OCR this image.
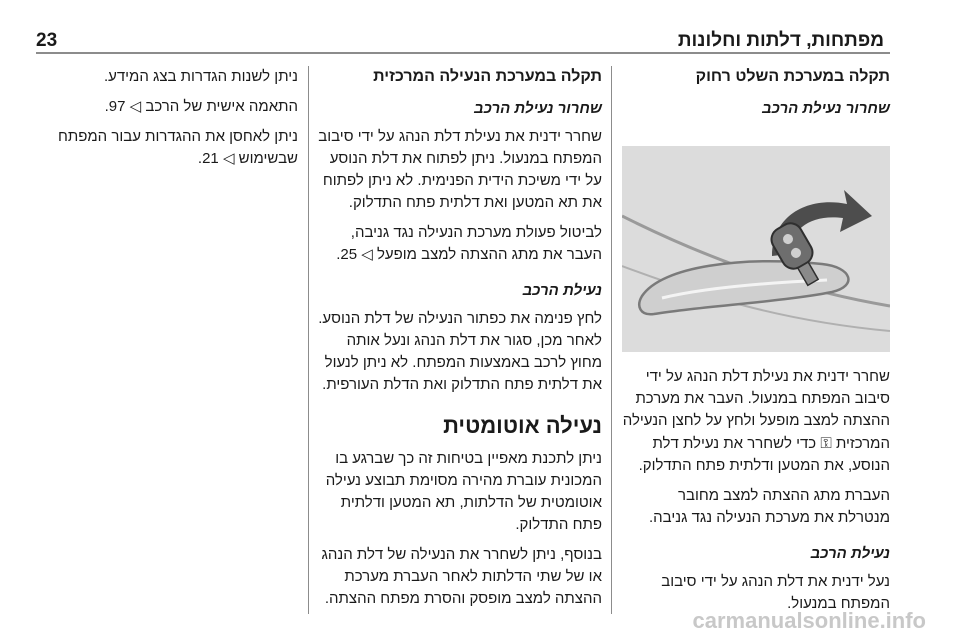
23	מפתחות, דלתות וחלונות
תקלה במערכת השלט רחוק
שחרור נעילת הרכב

שחרר ידנית את נעילת דלת הנהג על ידי סיבוב המפתח במנעול. העבר את מערכת ההצתה למצב מופעל ולחץ על לחצן הנעילה המרכזית ⚿ כדי לשחרר את נעילת דלת הנוסע, את המטען ודלתית פתח התדלוק.

העברת מתג ההצתה למצב מחובר מנטרלת את מערכת הנעילה נגד גניבה.

נעילת הרכב

נעל ידנית את דלת הנהג על ידי סיבוב המפתח במנעול.

תקלה במערכת הנעילה המרכזית
שחרור נעילת הרכב

שחרר ידנית את נעילת דלת הנהג על ידי סיבוב המפתח במנעול. ניתן לפתוח את דלת הנוסע על ידי משיכת הידית הפנימית. לא ניתן לפתוח את תא המטען ואת דלתית פתח התדלוק.

לביטול פעולת מערכת הנעילה נגד גניבה, העבר את מתג ההצתה למצב מופעל ◁ 25.

נעילת הרכב

לחץ פנימה את כפתור הנעילה של דלת הנוסע. לאחר מכן, סגור את דלת הנהג ונעל אותה מחוץ לרכב באמצעות המפתח. לא ניתן לנעול את דלתית פתח התדלוק ואת הדלת העורפית.

נעילה אוטומטית

ניתן לתכנת מאפיין בטיחות זה כך שברגע בו המכונית עוברת מהירה מסוימת תבוצע נעילה אוטומטית של הדלתות, תא המטען ודלתית פתח התדלוק.

בנוסף, ניתן לשחרר את הנעילה של דלת הנהג או של שתי הדלתות לאחר העברת מערכת ההצתה למצב מופסק והסרת מפתח ההצתה.

ניתן לשנות הגדרות בצג המידע.

התאמה אישית של הרכב ◁ 97.

ניתן לאחסן את ההגדרות עבור המפתח שבשימוש ◁ 21.

carmanualsonline.info
